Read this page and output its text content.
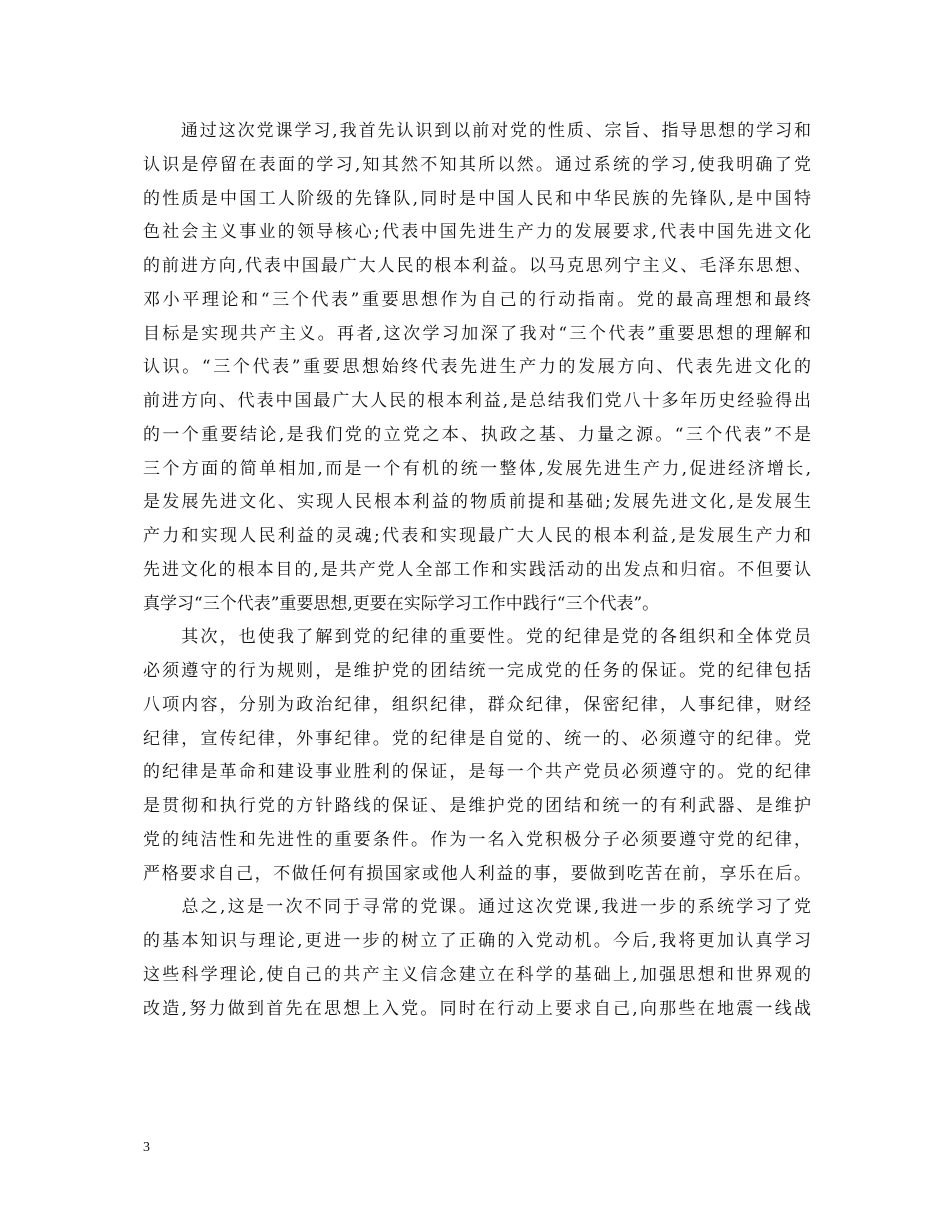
　　通过这次党课学习,我首先认识到以前对党的性质、宗旨、指导思想的学习和
认识是停留在表面的学习,知其然不知其所以然。通过系统的学习,使我明确了党
的性质是中国工人阶级的先锋队,同时是中国人民和中华民族的先锋队,是中国特
色社会主义事业的领导核心;代表中国先进生产力的发展要求,代表中国先进文化
的前进方向,代表中国最广大人民的根本利益。以马克思列宁主义、毛泽东思想、
邓小平理论和“三个代表”重要思想作为自己的行动指南。党的最高理想和最终
目标是实现共产主义。再者,这次学习加深了我对“三个代表”重要思想的理解和
认识。“三个代表”重要思想始终代表先进生产力的发展方向、代表先进文化的
前进方向、代表中国最广大人民的根本利益,是总结我们党八十多年历史经验得出
的一个重要结论,是我们党的立党之本、执政之基、力量之源。“三个代表”不是
三个方面的简单相加,而是一个有机的统一整体,发展先进生产力,促进经济增长,
是发展先进文化、实现人民根本利益的物质前提和基础;发展先进文化,是发展生
产力和实现人民利益的灵魂;代表和实现最广大人民的根本利益,是发展生产力和
先进文化的根本目的,是共产党人全部工作和实践活动的出发点和归宿。不但要认
真学习“三个代表”重要思想,更要在实际学习工作中践行“三个代表”。
　　其次，也使我了解到党的纪律的重要性。党的纪律是党的各组织和全体党员
必须遵守的行为规则，是维护党的团结统一完成党的任务的保证。党的纪律包括
八项内容，分别为政治纪律，组织纪律，群众纪律，保密纪律，人事纪律，财经
纪律，宣传纪律，外事纪律。党的纪律是自觉的、统一的、必须遵守的纪律。党
的纪律是革命和建设事业胜利的保证，是每一个共产党员必须遵守的。党的纪律
是贯彻和执行党的方针路线的保证、是维护党的团结和统一的有利武器、是维护
党的纯洁性和先进性的重要条件。作为一名入党积极分子必须要遵守党的纪律，
严格要求自己，不做任何有损国家或他人利益的事，要做到吃苦在前，享乐在后。
　　总之,这是一次不同于寻常的党课。通过这次党课,我进一步的系统学习了党
的基本知识与理论,更进一步的树立了正确的入党动机。今后,我将更加认真学习
这些科学理论,使自己的共产主义信念建立在科学的基础上,加强思想和世界观的
改造,努力做到首先在思想上入党。同时在行动上要求自己,向那些在地震一线战
3
